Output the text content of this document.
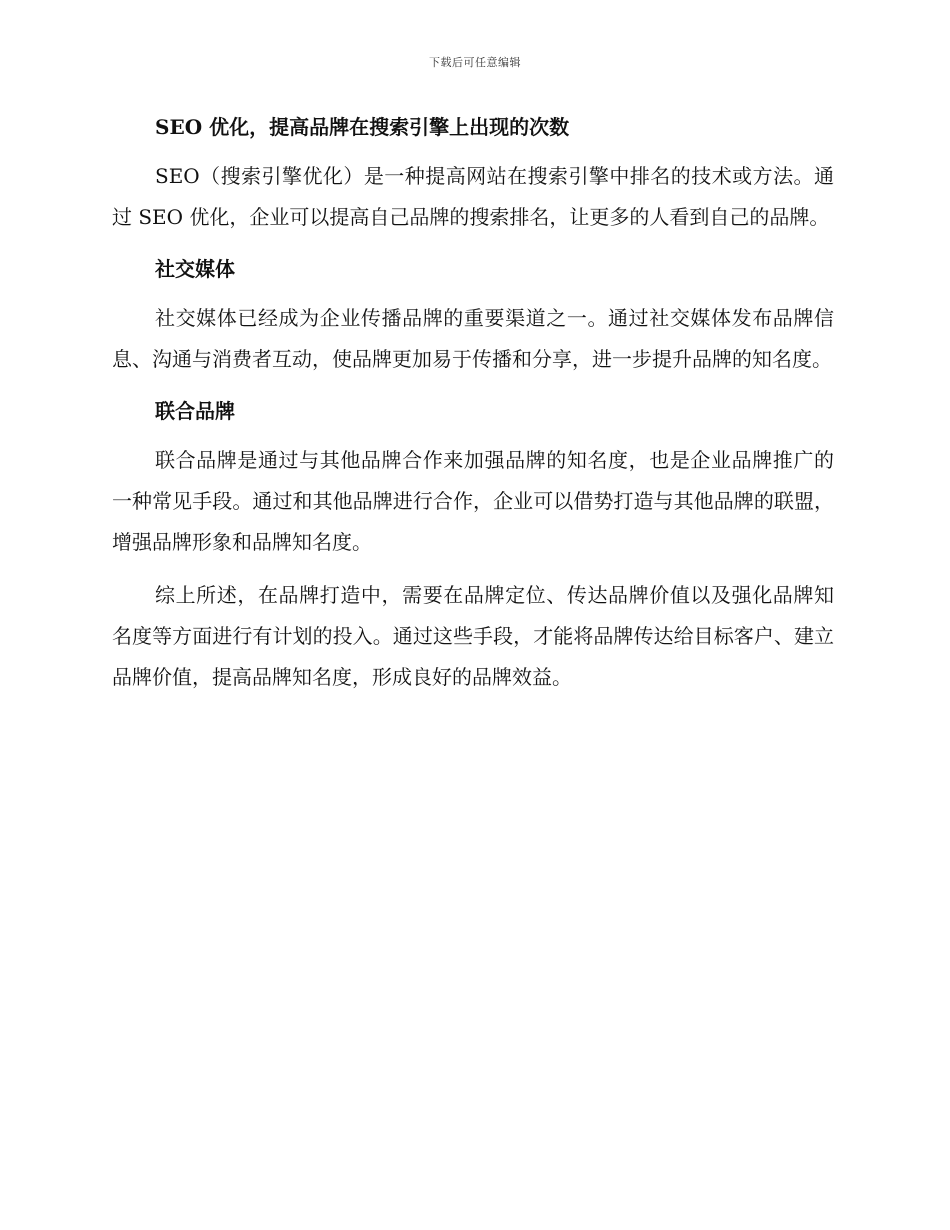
下载后可任意编辑
SEO 优化，提高品牌在搜索引擎上出现的次数

SEO（搜索引擎优化）是一种提高网站在搜索引擎中排名的技术或方法。通过 SEO 优化，企业可以提高自己品牌的搜索排名，让更多的人看到自己的品牌。

社交媒体

社交媒体已经成为企业传播品牌的重要渠道之一。通过社交媒体发布品牌信息、沟通与消费者互动，使品牌更加易于传播和分享，进一步提升品牌的知名度。

联合品牌

联合品牌是通过与其他品牌合作来加强品牌的知名度，也是企业品牌推广的一种常见手段。通过和其他品牌进行合作，企业可以借势打造与其他品牌的联盟，增强品牌形象和品牌知名度。

综上所述，在品牌打造中，需要在品牌定位、传达品牌价值以及强化品牌知名度等方面进行有计划的投入。通过这些手段，才能将品牌传达给目标客户、建立品牌价值，提高品牌知名度，形成良好的品牌效益。
